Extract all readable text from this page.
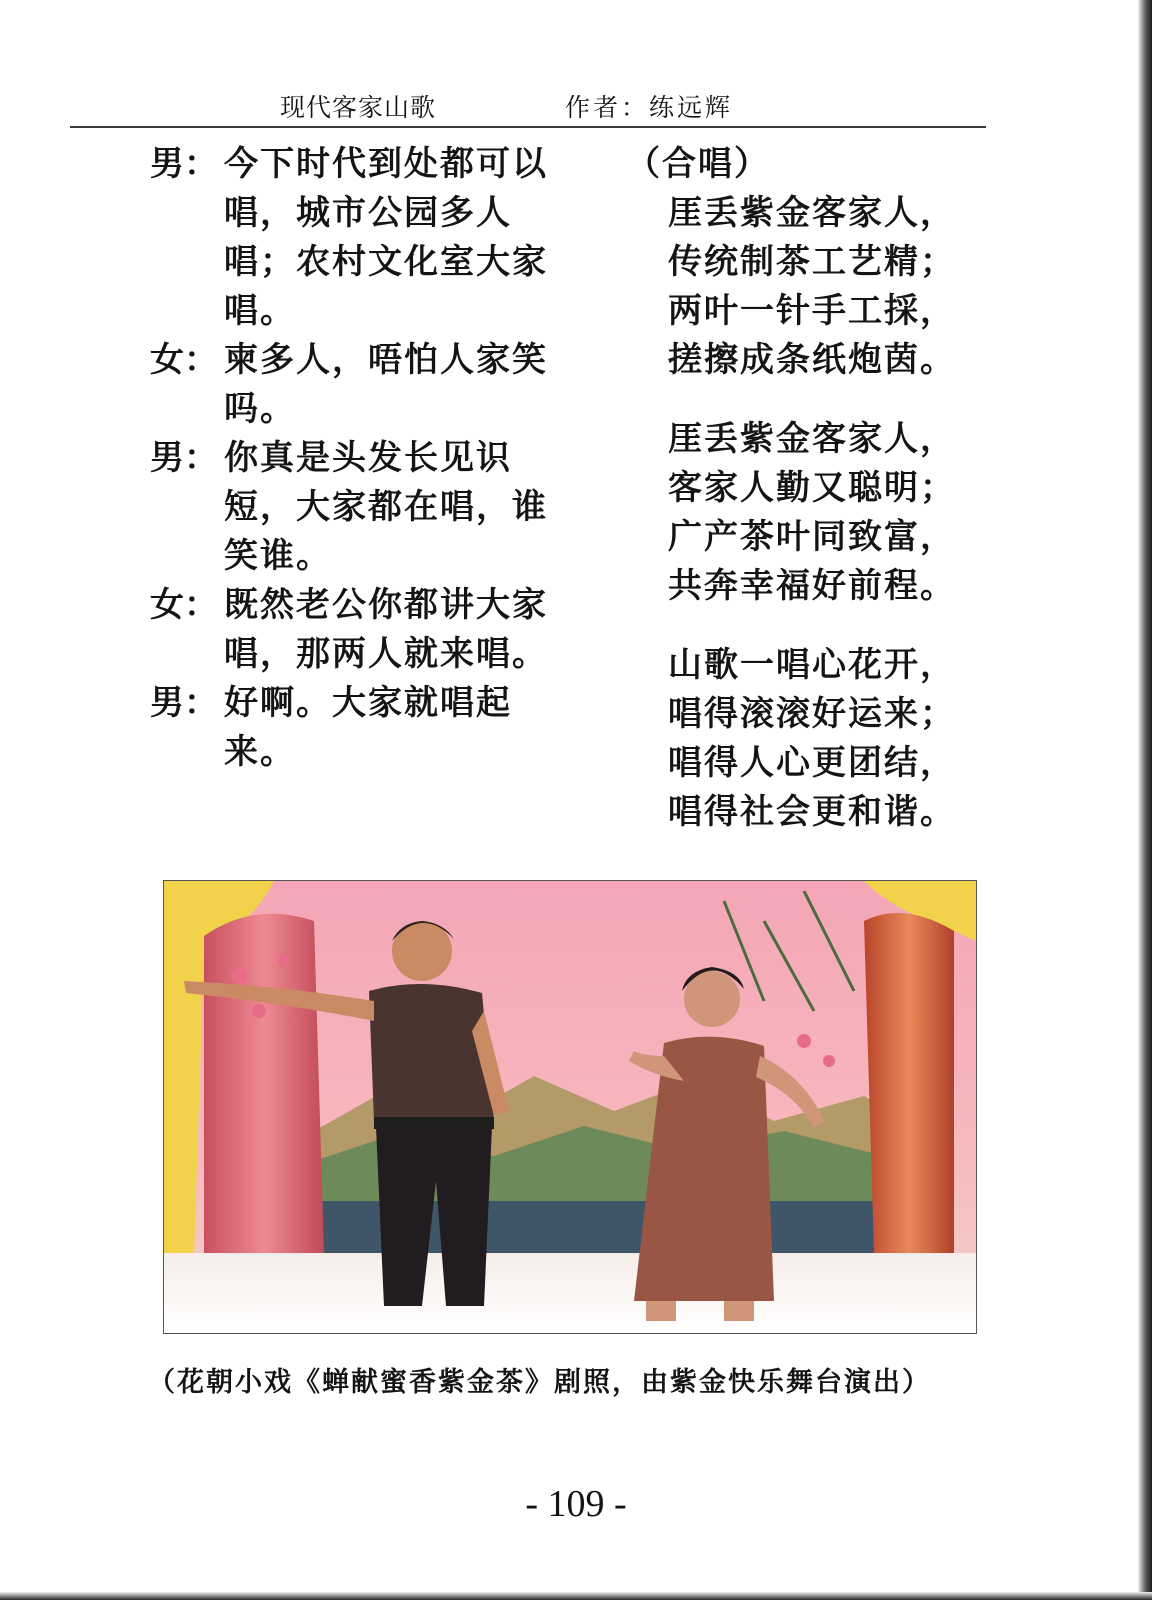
现代客家山歌	作者：练远辉
男： 今下时代到处都可以唱，城市公园多人唱；农村文化室大家唱。
女： 柬多人，唔怕人家笑吗。
男： 你真是头发长见识短，大家都在唱，谁笑谁。
女： 既然老公你都讲大家唱，那两人就来唱。
男： 好啊。大家就唱起来。
（合唱）
厓丢紫金客家人，
传统制茶工艺精；
两叶一针手工採，
搓擦成条纸炮茵。
厓丢紫金客家人，
客家人勤又聪明；
广产茶叶同致富，
共奔幸福好前程。
山歌一唱心花开，
唱得滚滚好运来；
唱得人心更团结，
唱得社会更和谐。
（花朝小戏《蝉献蜜香紫金茶》剧照，由紫金快乐舞台演出）
- 109 -
